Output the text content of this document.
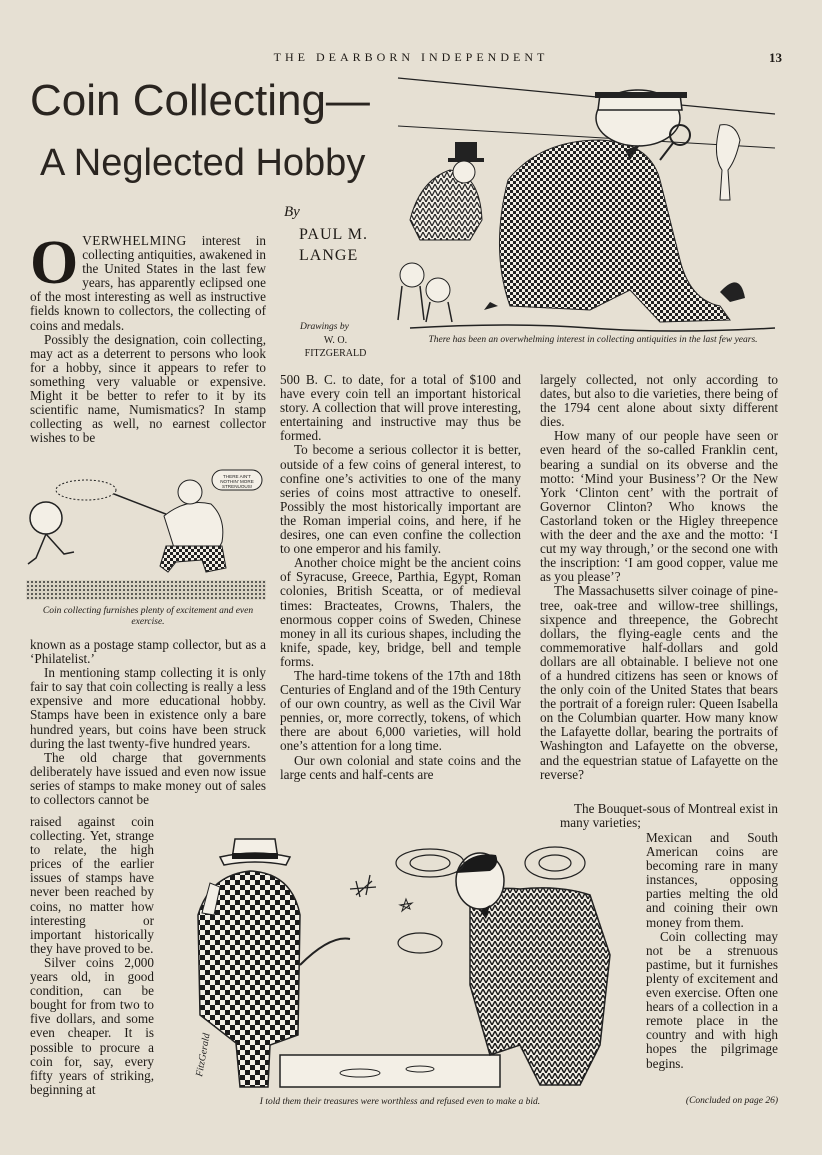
THE DEARBORN INDEPENDENT	13
Coin Collecting—
A Neglected Hobby
By
PAUL M. LANGE
Drawings by
W. O. FITZGERALD
There has been an overwhelming interest in collecting antiquities in the last few years.

OVERWHELMING interest in collecting antiquities, awakened in the United States in the last few years, has apparently eclipsed one of the most interesting as well as instructive fields known to collectors, the collecting of coins and medals.

Possibly the designation, coin collecting, may act as a deterrent to persons who look for a hobby, since it appears to refer to something very valuable or expensive. Might it be better to refer to it by its scientific name, Numismatics? In stamp collecting as well, no earnest collector wishes to be

THERE AIN'T
NOTHIN' MORE
STRENUOUS!
Coin collecting furnishes plenty of excitement and even exercise.

known as a postage stamp collector, but as a ‘Philatelist.’

In mentioning stamp collecting it is only fair to say that coin collecting is really a less expensive and more educational hobby. Stamps have been in existence only a bare hundred years, but coins have been struck during the last twenty-five hundred years.

The old charge that governments deliberately have issued and even now issue series of stamps to make money out of sales to collectors cannot be

raised against coin collecting. Yet, strange to relate, the high prices of the earlier issues of stamps have never been reached by coins, no matter how interesting or important historically they have proved to be.

Silver coins 2,000 years old, in good condition, can be bought for from two to five dollars, and some even cheaper. It is possible to procure a coin for, say, every fifty years of striking, beginning at

500 B. C. to date, for a total of $100 and have every coin tell an important historical story. A collection that will prove interesting, entertaining and instructive may thus be formed.

To become a serious collector it is better, outside of a few coins of general interest, to confine one’s activities to one of the many series of coins most attractive to oneself. Possibly the most historically important are the Roman imperial coins, and here, if he desires, one can even confine the collection to one emperor and his family.

Another choice might be the ancient coins of Syracuse, Greece, Parthia, Egypt, Roman colonies, British Sceatta, or of medieval times: Bracteates, Crowns, Thalers, the enormous copper coins of Sweden, Chinese money in all its curious shapes, including the knife, spade, key, bridge, bell and temple forms.

The hard-time tokens of the 17th and 18th Centuries of England and of the 19th Century of our own country, as well as the Civil War pennies, or, more correctly, tokens, of which there are about 6,000 varieties, will hold one’s attention for a long time.

Our own colonial and state coins and the large cents and half-cents are

largely collected, not only according to dates, but also to die varieties, there being of the 1794 cent alone about sixty different dies.

How many of our people have seen or even heard of the so-called Franklin cent, bearing a sundial on its obverse and the motto: ‘Mind your Business’? Or the New York ‘Clinton cent’ with the portrait of Governor Clinton? Who knows the Castorland token or the Higley threepence with the deer and the axe and the motto: ‘I cut my way through,’ or the second one with the inscription: ‘I am good copper, value me as you please’?

The Massachusetts silver coinage of pine-tree, oak-tree and willow-tree shillings, sixpence and threepence, the Gobrecht dollars, the flying-eagle cents and the commemorative half-dollars and gold dollars are all obtainable. I believe not one of a hundred citizens has seen or knows of the only coin of the United States that bears the portrait of a foreign ruler: Queen Isabella on the Columbian quarter. How many know the Lafayette dollar, bearing the portraits of Washington and Lafayette on the obverse, and the equestrian statue of Lafayette on the reverse?

The Bouquet-sous of Montreal exist in many varieties;

Mexican and South American coins are becoming rare in many instances, opposing parties melting the old and coining their own money from them.

Coin collecting may not be a strenuous pastime, but it furnishes plenty of excitement and even exercise. Often one hears of a collection in a remote place in the country and with high hopes the pilgrimage begins.

FitzGerald
I told them their treasures were worthless and refused even to make a bid.	(Concluded on page 26)
